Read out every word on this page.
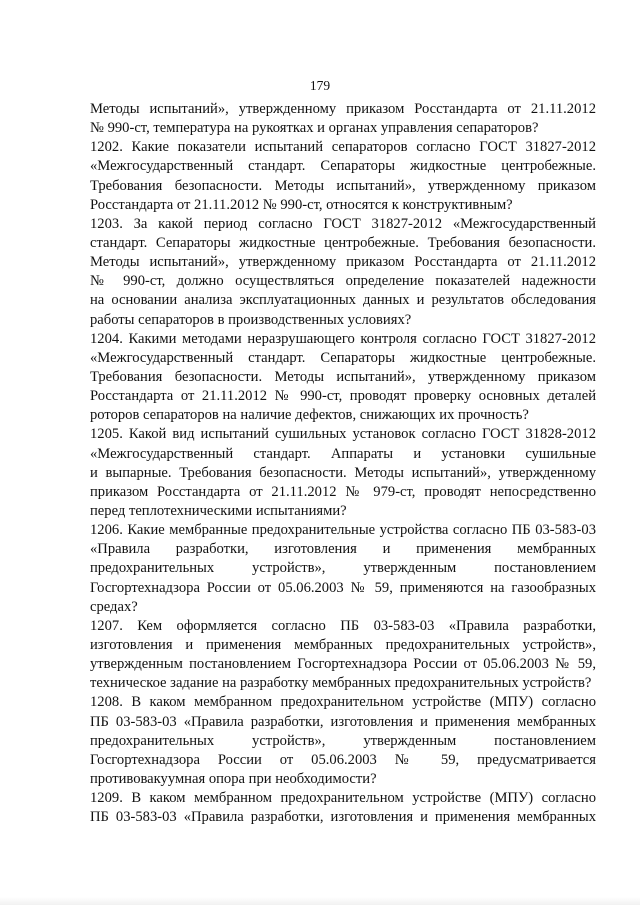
179
Методы испытаний», утвержденному приказом Росстандарта от 21.11.2012
№ 990-ст, температура на рукоятках и органах управления сепараторов?
1202. Какие показатели испытаний сепараторов согласно ГОСТ 31827-2012
«Межгосударственный стандарт. Сепараторы жидкостные центробежные.
Требования безопасности. Методы испытаний», утвержденному приказом
Росстандарта от 21.11.2012 № 990-ст, относятся к конструктивным?
1203. За какой период согласно ГОСТ 31827-2012 «Межгосударственный
стандарт. Сепараторы жидкостные центробежные. Требования безопасности.
Методы испытаний», утвержденному приказом Росстандарта от 21.11.2012
№ 990-ст, должно осуществляться определение показателей надежности
на основании анализа эксплуатационных данных и результатов обследования
работы сепараторов в производственных условиях?
1204. Какими методами неразрушающего контроля согласно ГОСТ 31827-2012
«Межгосударственный стандарт. Сепараторы жидкостные центробежные.
Требования безопасности. Методы испытаний», утвержденному приказом
Росстандарта от 21.11.2012 № 990-ст, проводят проверку основных деталей
роторов сепараторов на наличие дефектов, снижающих их прочность?
1205. Какой вид испытаний сушильных установок согласно ГОСТ 31828-2012
«Межгосударственный стандарт. Аппараты и установки сушильные
и выпарные. Требования безопасности. Методы испытаний», утвержденному
приказом Росстандарта от 21.11.2012 № 979-ст, проводят непосредственно
перед теплотехническими испытаниями?
1206. Какие мембранные предохранительные устройства согласно ПБ 03-583-03
«Правила разработки, изготовления и применения мембранных
предохранительных устройств», утвержденным постановлением
Госгортехнадзора России от 05.06.2003 № 59, применяются на газообразных
средах?
1207. Кем оформляется согласно ПБ 03-583-03 «Правила разработки,
изготовления и применения мембранных предохранительных устройств»,
утвержденным постановлением Госгортехнадзора России от 05.06.2003 № 59,
техническое задание на разработку мембранных предохранительных устройств?
1208. В каком мембранном предохранительном устройстве (МПУ) согласно
ПБ 03-583-03 «Правила разработки, изготовления и применения мембранных
предохранительных устройств», утвержденным постановлением
Госгортехнадзора России от 05.06.2003 № 59, предусматривается
противовакуумная опора при необходимости?
1209. В каком мембранном предохранительном устройстве (МПУ) согласно
ПБ 03-583-03 «Правила разработки, изготовления и применения мембранных
